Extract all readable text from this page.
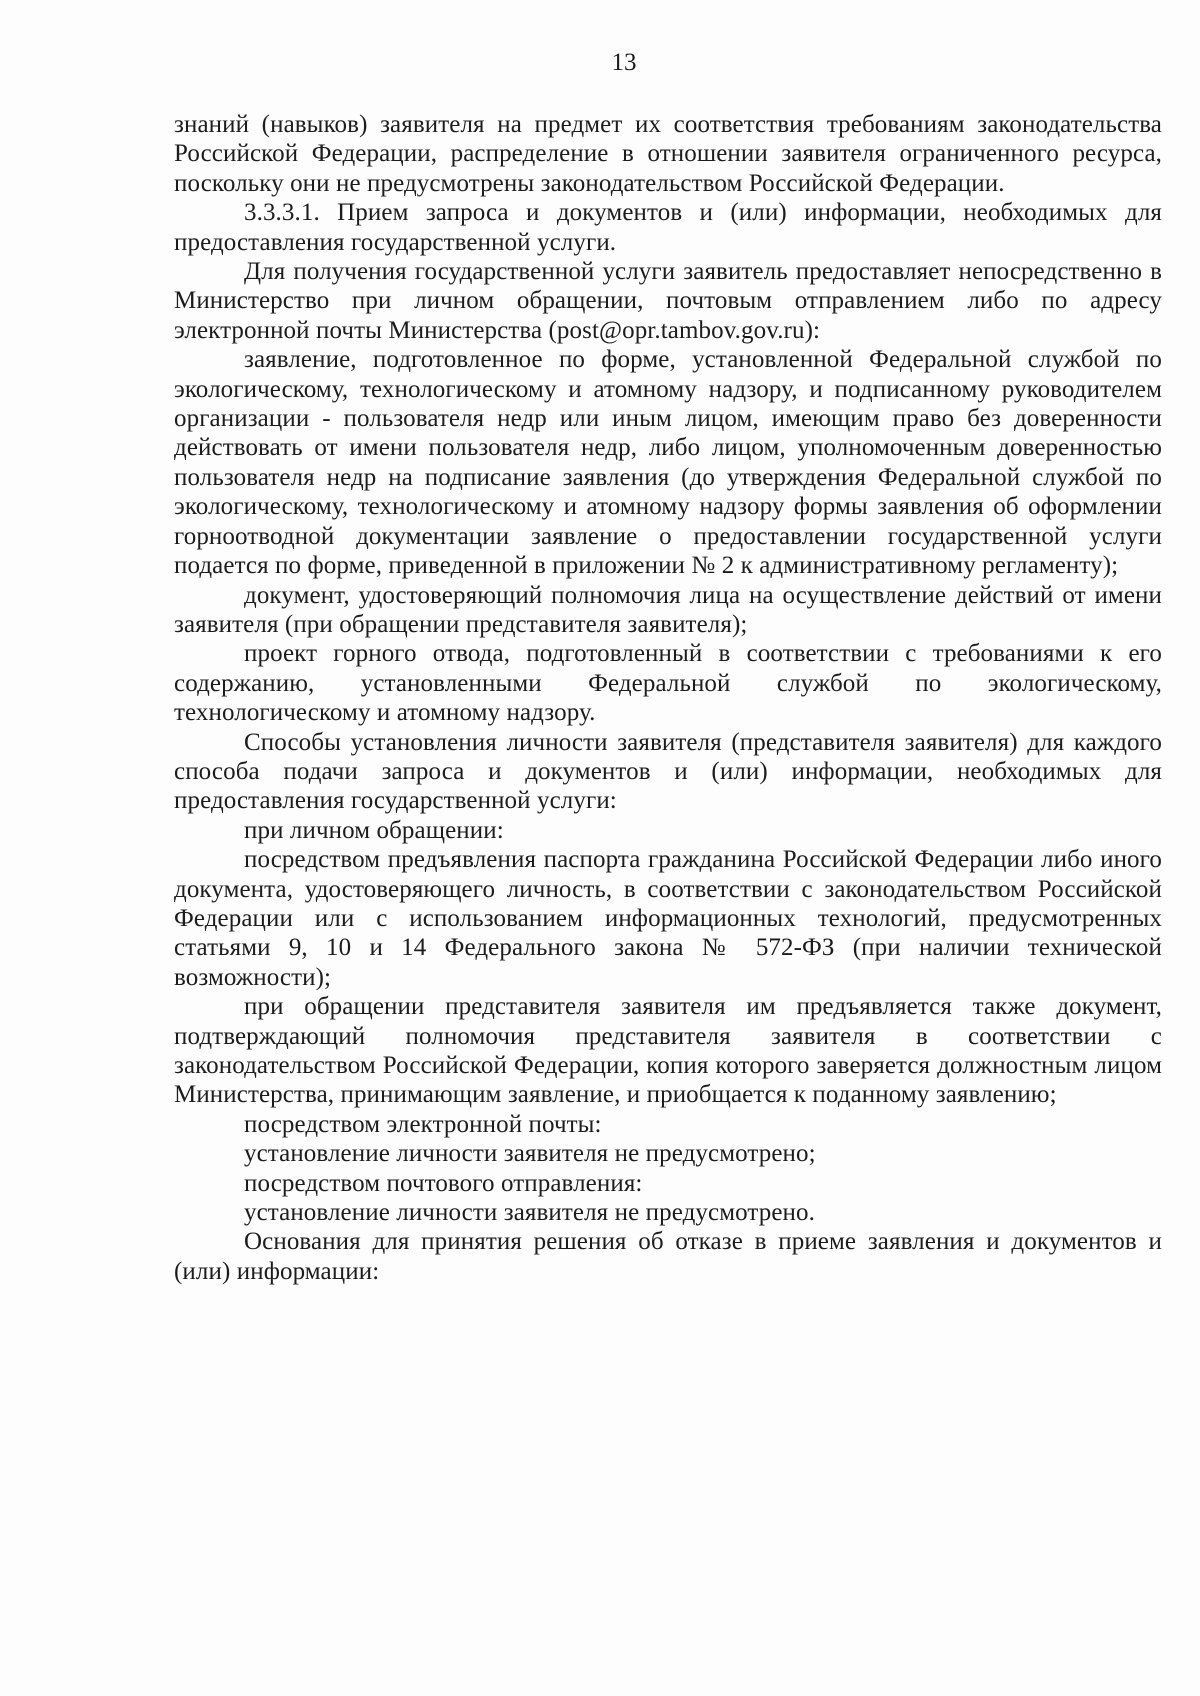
13

знаний (навыков) заявителя на предмет их соответствия требованиям законодательства Российской Федерации, распределение в отношении заявителя ограниченного ресурса, поскольку они не предусмотрены законодательством Российской Федерации.

3.3.3.1. Прием запроса и документов и (или) информации, необходимых для предоставления государственной услуги.

Для получения государственной услуги заявитель предоставляет непосредственно в Министерство при личном обращении, почтовым отправлением либо по адресу электронной почты Министерства (post@opr.tambov.gov.ru):

заявление, подготовленное по форме, установленной Федеральной службой по экологическому, технологическому и атомному надзору, и подписанному руководителем организации - пользователя недр или иным лицом, имеющим право без доверенности действовать от имени пользователя недр, либо лицом, уполномоченным доверенностью пользователя недр на подписание заявления (до утверждения Федеральной службой по экологическому, технологическому и атомному надзору формы заявления об оформлении горноотводной документации заявление о предоставлении государственной услуги подается по форме, приведенной в приложении № 2 к административному регламенту);

документ, удостоверяющий полномочия лица на осуществление действий от имени заявителя (при обращении представителя заявителя);

проект горного отвода, подготовленный в соответствии с требованиями к его содержанию, установленными Федеральной службой по экологическому, технологическому и атомному надзору.

Способы установления личности заявителя (представителя заявителя) для каждого способа подачи запроса и документов и (или) информации, необходимых для предоставления государственной услуги:

при личном обращении:

посредством предъявления паспорта гражданина Российской Федерации либо иного документа, удостоверяющего личность, в соответствии с законодательством Российской Федерации или с использованием информационных технологий, предусмотренных статьями 9, 10 и 14 Федерального закона № 572-ФЗ (при наличии технической возможности);

при обращении представителя заявителя им предъявляется также документ, подтверждающий полномочия представителя заявителя в соответствии с законодательством Российской Федерации, копия которого заверяется должностным лицом Министерства, принимающим заявление, и приобщается к поданному заявлению;

посредством электронной почты:

установление личности заявителя не предусмотрено;

посредством почтового отправления:

установление личности заявителя не предусмотрено.

Основания для принятия решения об отказе в приеме заявления и документов и (или) информации:
